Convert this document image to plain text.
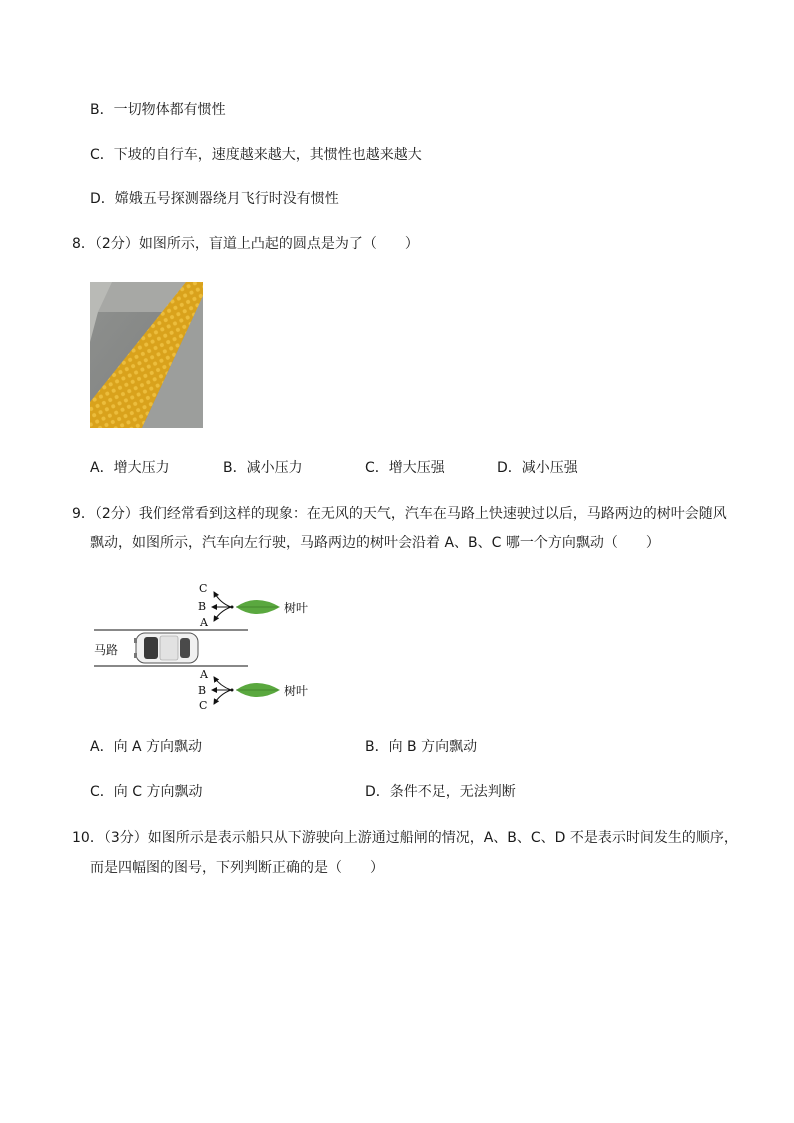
B．一切物体都有惯性
C．下坡的自行车，速度越来越大，其惯性也越来越大
D．嫦娥五号探测器绕月飞行时没有惯性
8．（2分）如图所示，盲道上凸起的圆点是为了（　　）
A．增大压力	B．减小压力	C．增大压强	D．减小压强
9．（2分）我们经常看到这样的现象：在无风的天气，汽车在马路上快速驶过以后，马路两边的树叶会随风
飘动，如图所示，汽车向左行驶，马路两边的树叶会沿着 A、B、C 哪一个方向飘动（　　）
马路
C
B
A
树叶
A
B
C
树叶
A．向 A 方向飘动	B．向 B 方向飘动
C．向 C 方向飘动	D．条件不足，无法判断
10．（3分）如图所示是表示船只从下游驶向上游通过船闸的情况，A、B、C、D 不是表示时间发生的顺序，
而是四幅图的图号，下列判断正确的是（　　）
